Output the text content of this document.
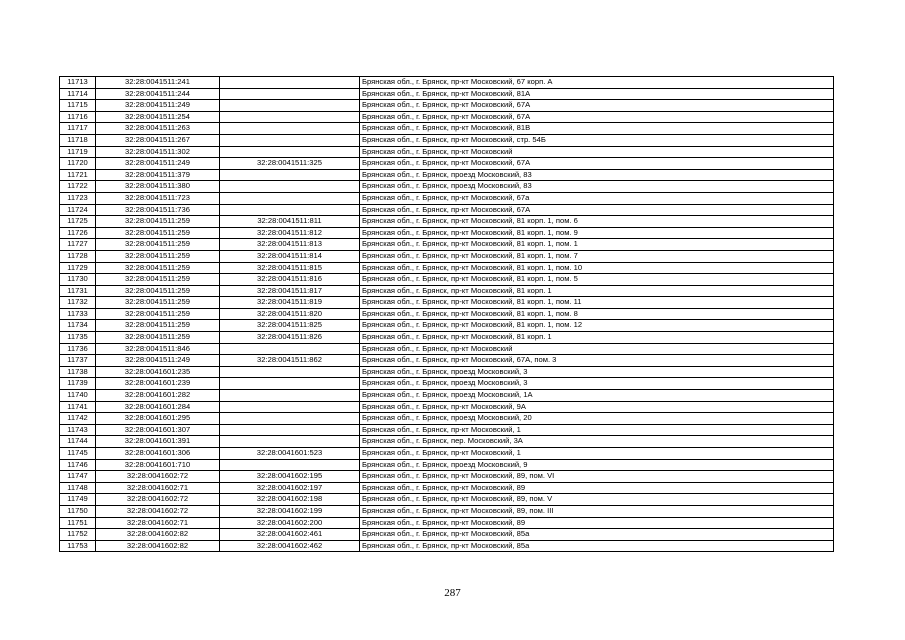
11713	32:28:0041511:241		Брянская обл., г. Брянск, пр-кт Московский, 67 корп. А
11714	32:28:0041511:244		Брянская обл., г. Брянск, пр-кт Московский, 81А
11715	32:28:0041511:249		Брянская обл., г. Брянск, пр-кт Московский, 67А
11716	32:28:0041511:254		Брянская обл., г. Брянск, пр-кт Московский, 67А
11717	32:28:0041511:263		Брянская обл., г. Брянск, пр-кт Московский, 81В
11718	32:28:0041511:267		Брянская обл., г. Брянск, пр-кт Московский, стр. 54Б
11719	32:28:0041511:302		Брянская обл., г. Брянск, пр-кт Московский
11720	32:28:0041511:249	32:28:0041511:325	Брянская обл., г. Брянск, пр-кт Московский, 67А
11721	32:28:0041511:379		Брянская обл., г. Брянск, проезд Московский, 83
11722	32:28:0041511:380		Брянская обл., г. Брянск, проезд Московский, 83
11723	32:28:0041511:723		Брянская обл., г. Брянск, пр-кт Московский, 67а
11724	32:28:0041511:736		Брянская обл., г. Брянск, пр-кт Московский, 67А
11725	32:28:0041511:259	32:28:0041511:811	Брянская обл., г. Брянск, пр-кт Московский, 81 корп. 1, пом. 6
11726	32:28:0041511:259	32:28:0041511:812	Брянская обл., г. Брянск, пр-кт Московский, 81 корп. 1, пом. 9
11727	32:28:0041511:259	32:28:0041511:813	Брянская обл., г. Брянск, пр-кт Московский, 81 корп. 1, пом. 1
11728	32:28:0041511:259	32:28:0041511:814	Брянская обл., г. Брянск, пр-кт Московский, 81 корп. 1, пом. 7
11729	32:28:0041511:259	32:28:0041511:815	Брянская обл., г. Брянск, пр-кт Московский, 81 корп. 1, пом. 10
11730	32:28:0041511:259	32:28:0041511:816	Брянская обл., г. Брянск, пр-кт Московский, 81 корп. 1, пом. 5
11731	32:28:0041511:259	32:28:0041511:817	Брянская обл., г. Брянск, пр-кт Московский, 81 корп. 1
11732	32:28:0041511:259	32:28:0041511:819	Брянская обл., г. Брянск, пр-кт Московский, 81 корп. 1, пом. 11
11733	32:28:0041511:259	32:28:0041511:820	Брянская обл., г. Брянск, пр-кт Московский, 81 корп. 1, пом. 8
11734	32:28:0041511:259	32:28:0041511:825	Брянская обл., г. Брянск, пр-кт Московский, 81 корп. 1, пом. 12
11735	32:28:0041511:259	32:28:0041511:826	Брянская обл., г. Брянск, пр-кт Московский, 81 корп. 1
11736	32:28:0041511:846		Брянская обл., г. Брянск, пр-кт Московский
11737	32:28:0041511:249	32:28:0041511:862	Брянская обл., г. Брянск, пр-кт Московский, 67А, пом. 3
11738	32:28:0041601:235		Брянская обл., г. Брянск, проезд Московский, 3
11739	32:28:0041601:239		Брянская обл., г. Брянск, проезд Московский, 3
11740	32:28:0041601:282		Брянская обл., г. Брянск, проезд Московский, 1А
11741	32:28:0041601:284		Брянская обл., г. Брянск, пр-кт Московский, 9А
11742	32:28:0041601:295		Брянская обл., г. Брянск, проезд Московский, 20
11743	32:28:0041601:307		Брянская обл., г. Брянск, пр-кт Московский, 1
11744	32:28:0041601:391		Брянская обл., г. Брянск, пер. Московский, 3А
11745	32:28:0041601:306	32:28:0041601:523	Брянская обл., г. Брянск, пр-кт Московский, 1
11746	32:28:0041601:710		Брянская обл., г. Брянск, проезд Московский, 9
11747	32:28:0041602:72	32:28:0041602:195	Брянская обл., г. Брянск, пр-кт Московский, 89, пом. VI
11748	32:28:0041602:71	32:28:0041602:197	Брянская обл., г. Брянск, пр-кт Московский, 89
11749	32:28:0041602:72	32:28:0041602:198	Брянская обл., г. Брянск, пр-кт Московский, 89, пом. V
11750	32:28:0041602:72	32:28:0041602:199	Брянская обл., г. Брянск, пр-кт Московский, 89, пом. III
11751	32:28:0041602:71	32:28:0041602:200	Брянская обл., г. Брянск, пр-кт Московский, 89
11752	32:28:0041602:82	32:28:0041602:461	Брянская обл., г. Брянск, пр-кт Московский, 85а
11753	32:28:0041602:82	32:28:0041602:462	Брянская обл., г. Брянск, пр-кт Московский, 85а
287
